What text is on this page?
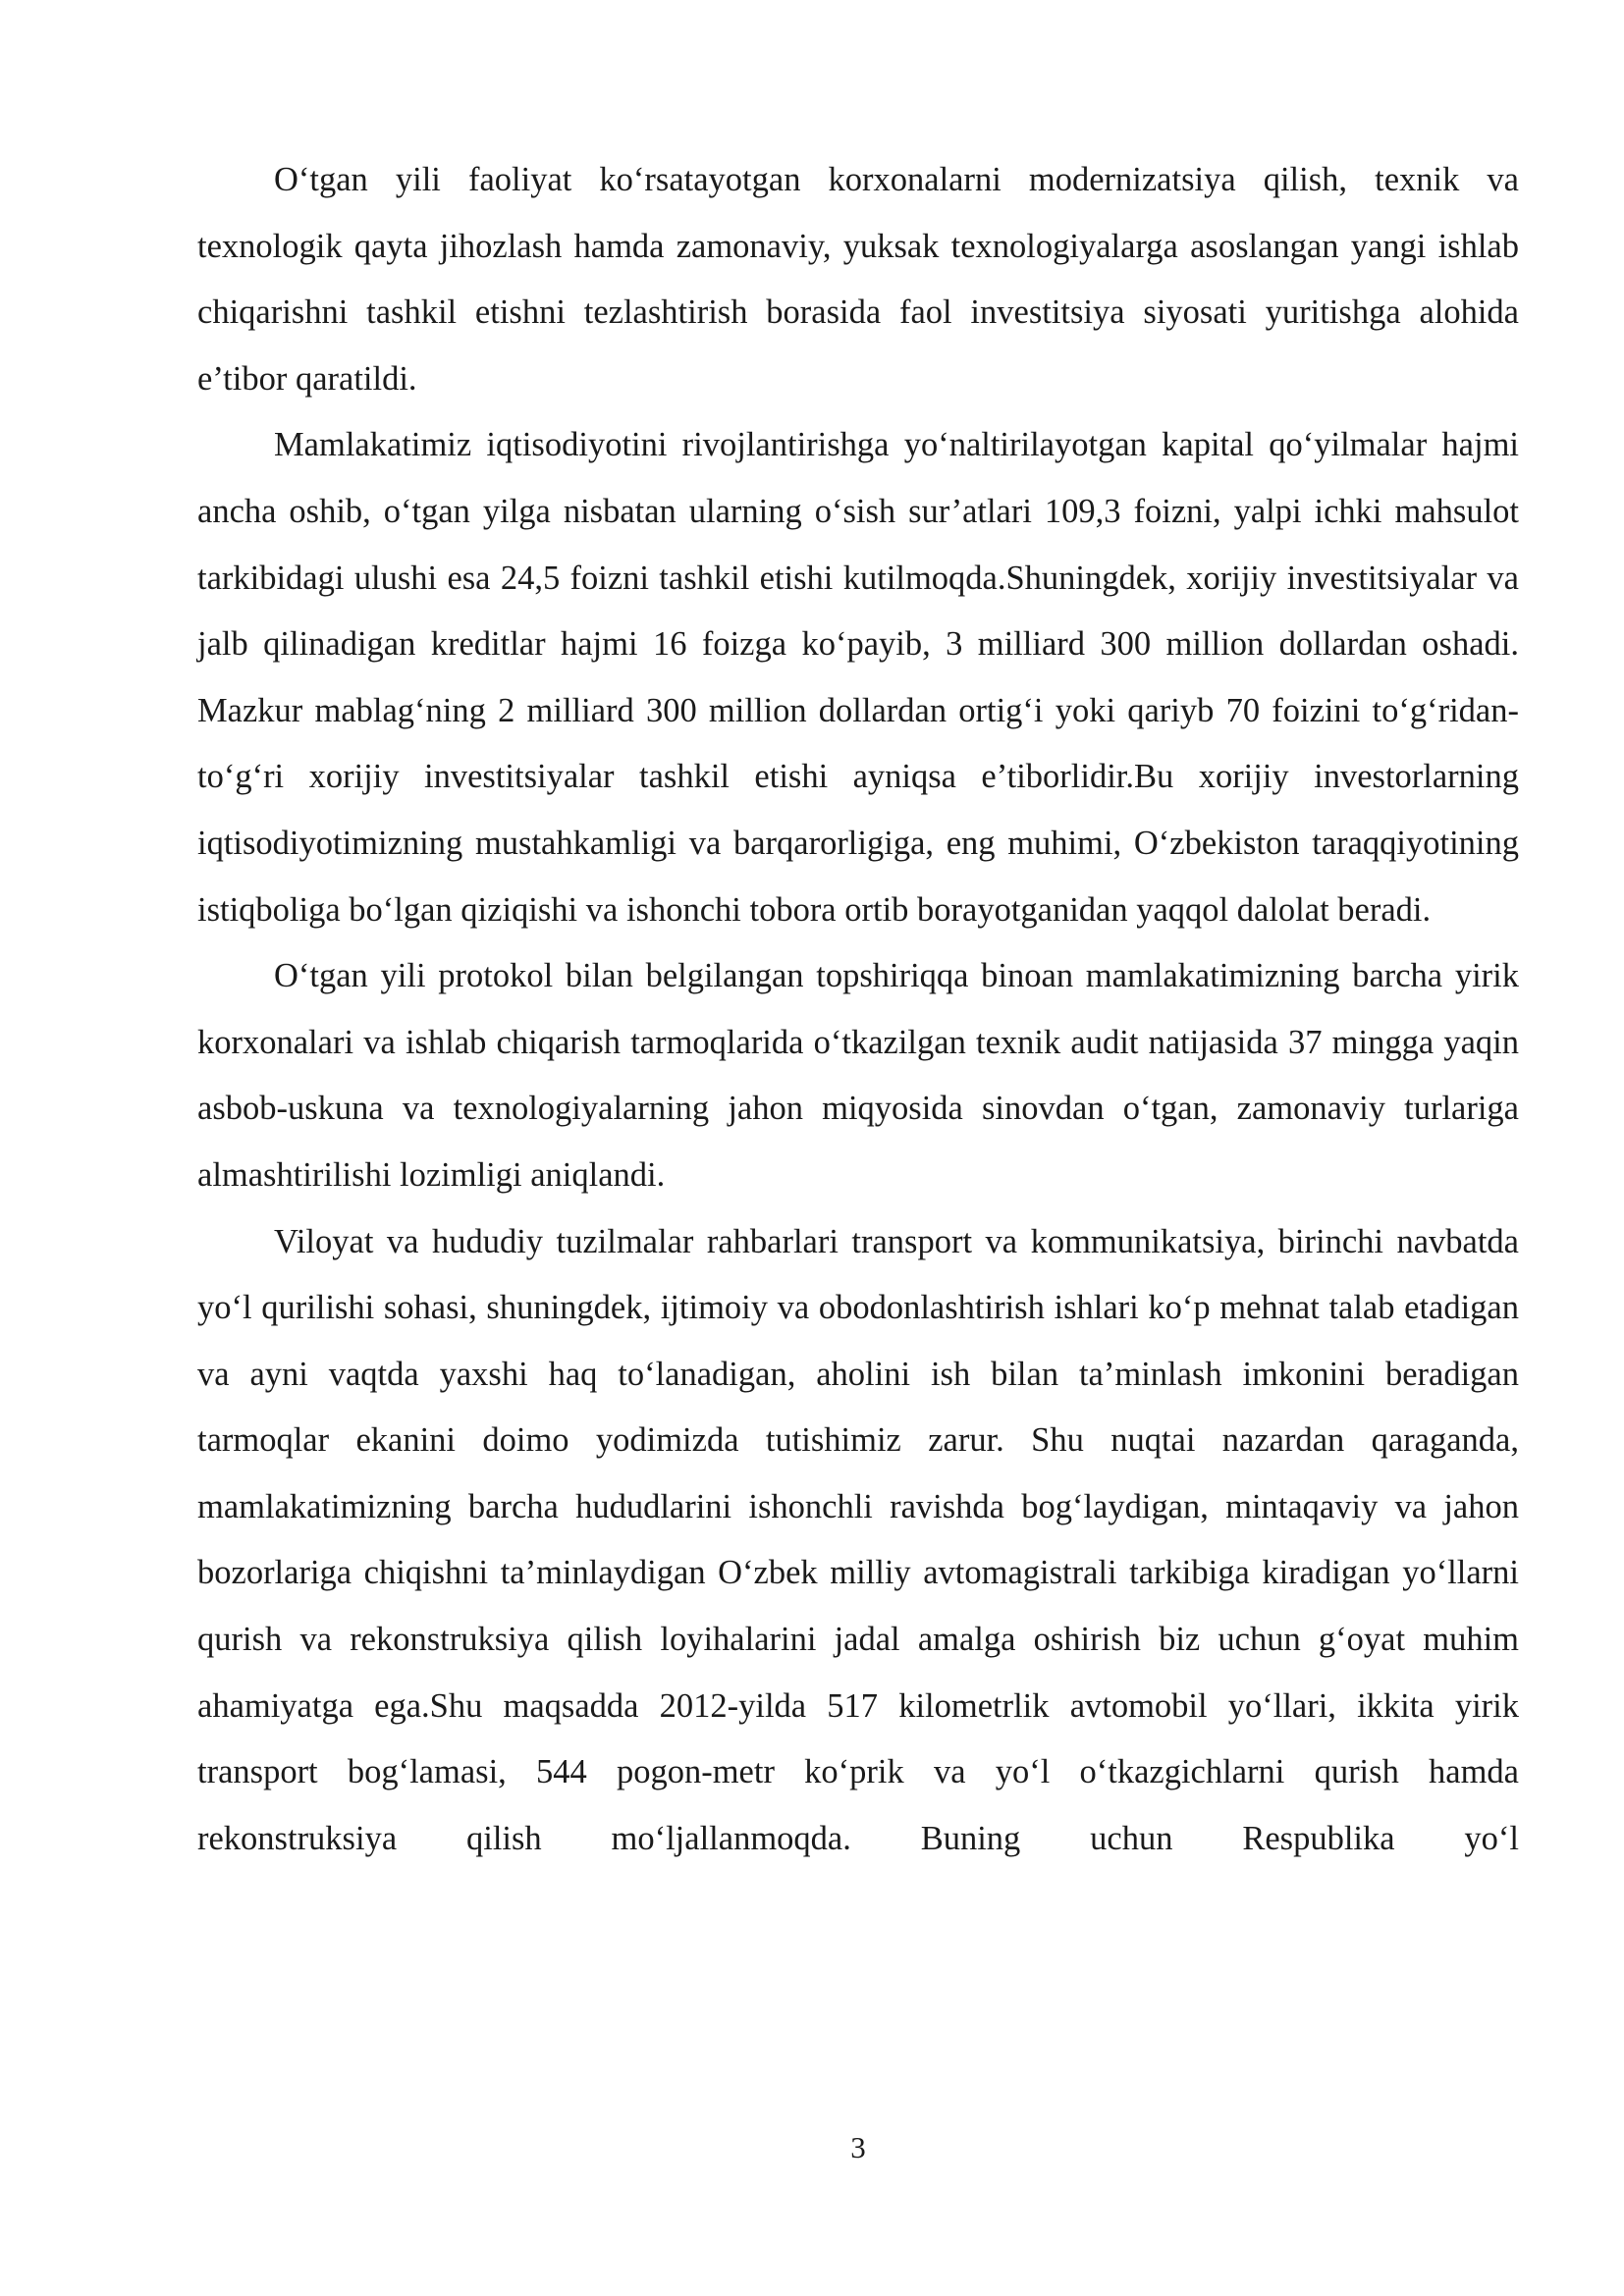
O‘tgan yili faoliyat ko‘rsatayotgan korxonalarni modernizatsiya qilish, texnik va texnologik qayta jihozlash hamda zamonaviy, yuksak texnologiyalarga asoslangan yangi ishlab chiqarishni tashkil etishni tezlashtirish borasida faol investitsiya siyosati yuritishga alohida e’tibor qaratildi.

Mamlakatimiz iqtisodiyotini rivojlantirishga yo‘naltirilayotgan kapital qo‘yilmalar hajmi ancha oshib, o‘tgan yilga nisbatan ularning o‘sish sur’atlari 109,3 foizni, yalpi ichki mahsulot tarkibidagi ulushi esa 24,5 foizni tashkil etishi kutilmoqda.Shuningdek, xorijiy investitsiyalar va jalb qilinadigan kreditlar hajmi 16 foizga ko‘payib, 3 milliard 300 million dollardan oshadi. Mazkur mablag‘ning 2 milliard 300 million dollardan ortig‘i yoki qariyb 70 foizini to‘g‘ridan-to‘g‘ri xorijiy investitsiyalar tashkil etishi ayniqsa e’tiborlidir.Bu xorijiy investorlarning iqtisodiyotimizning mustahkamligi va barqarorligiga, eng muhimi, O‘zbekiston taraqqiyotining istiqboliga bo‘lgan qiziqishi va ishonchi tobora ortib borayotganidan yaqqol dalolat beradi.

O‘tgan yili protokol bilan belgilangan topshiriqqa binoan mamlakatimizning barcha yirik korxonalari va ishlab chiqarish tarmoqlarida o‘tkazilgan texnik audit natijasida 37 mingga yaqin asbob-uskuna va texnologiyalarning jahon miqyosida sinovdan o‘tgan, zamonaviy turlariga almashtirilishi lozimligi aniqlandi.

Viloyat va hududiy tuzilmalar rahbarlari transport va kommunikatsiya, birinchi navbatda yo‘l qurilishi sohasi, shuningdek, ijtimoiy va obodonlashtirish ishlari ko‘p mehnat talab etadigan va ayni vaqtda yaxshi haq to‘lanadigan, aholini ish bilan ta’minlash imkonini beradigan tarmoqlar ekanini doimo yodimizda tutishimiz zarur. Shu nuqtai nazardan qaraganda, mamlakatimizning barcha hududlarini ishonchli ravishda bog‘laydigan, mintaqaviy va jahon bozorlariga chiqishni ta’minlaydigan O‘zbek milliy avtomagistrali tarkibiga kiradigan yo‘llarni qurish va rekonstruksiya qilish loyihalarini jadal amalga oshirish biz uchun g‘oyat muhim ahamiyatga ega.Shu maqsadda 2012-yilda 517 kilometrlik avtomobil yo‘llari, ikkita yirik transport bog‘lamasi, 544 pogon-metr ko‘prik va yo‘l o‘tkazgichlarni qurish hamda rekonstruksiya qilish mo‘ljallanmoqda. Buning uchun Respublika yo‘l

3
